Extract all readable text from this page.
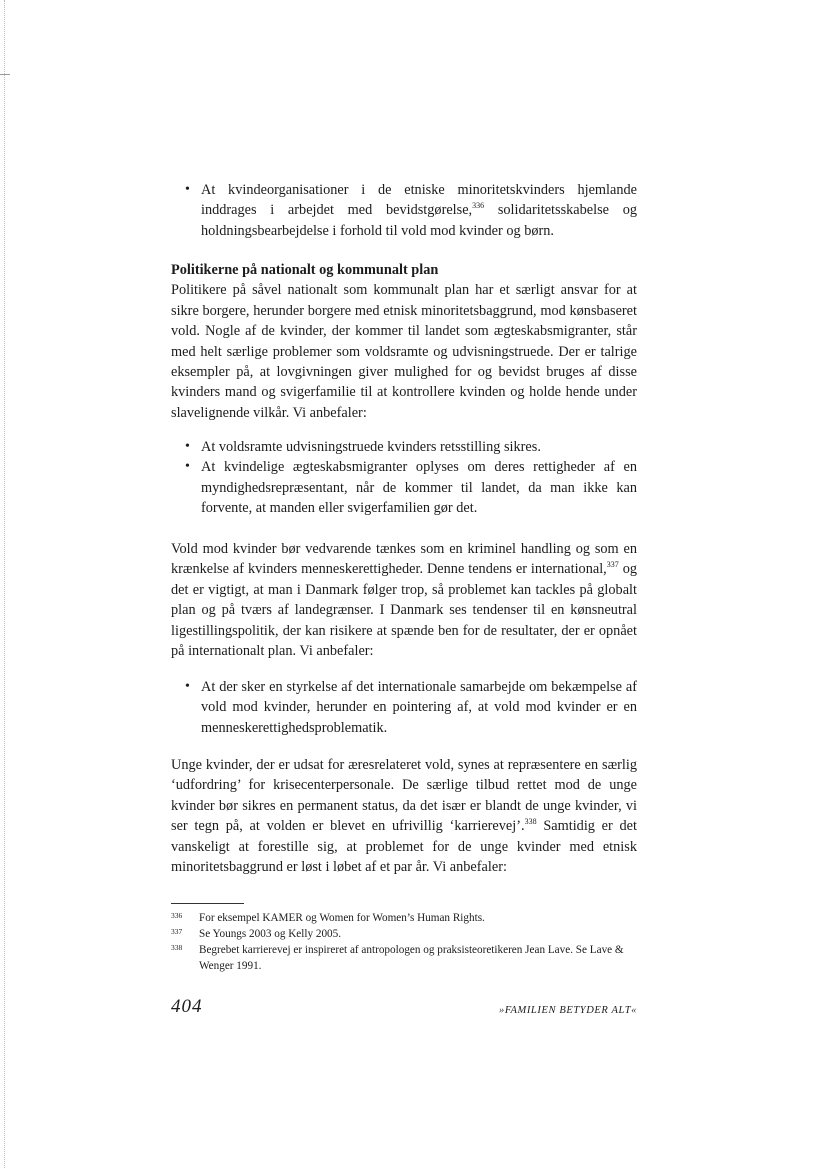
• At kvindeorganisationer i de etniske minoritetskvinders hjemlande inddrages i arbejdet med bevidstgørelse,$^{336}$ solidaritetsskabelse og holdningsbearbejdelse i forhold til vold mod kvinder og børn.
Politikerne på nationalt og kommunalt plan

Politikere på såvel nationalt som kommunalt plan har et særligt ansvar for at sikre borgere, herunder borgere med etnisk minoritetsbaggrund, mod kønsbaseret vold. Nogle af de kvinder, der kommer til landet som ægteskabsmigranter, står med helt særlige problemer som voldsramte og udvisningstruede. Der er talrige eksempler på, at lovgivningen giver mulighed for og bevidst bruges af disse kvinders mand og svigerfamilie til at kontrollere kvinden og holde hende under slavelignende vilkår. Vi anbefaler:

• At voldsramte udvisningstruede kvinders retsstilling sikres.
• At kvindelige ægteskabsmigranter oplyses om deres rettigheder af en myndighedsrepræsentant, når de kommer til landet, da man ikke kan forvente, at manden eller svigerfamilien gør det.

Vold mod kvinder bør vedvarende tænkes som en kriminel handling og som en krænkelse af kvinders menneskerettigheder. Denne tendens er international,$^{337}$ og det er vigtigt, at man i Danmark følger trop, så problemet kan tackles på globalt plan og på tværs af landegrænser. I Danmark ses tendenser til en kønsneutral ligestillingspolitik, der kan risikere at spænde ben for de resultater, der er opnået på internationalt plan. Vi anbefaler:

• At der sker en styrkelse af det internationale samarbejde om bekæmpelse af vold mod kvinder, herunder en pointering af, at vold mod kvinder er en menneskerettighedsproblematik.

Unge kvinder, der er udsat for æresrelateret vold, synes at repræsentere en særlig ‘udfordring’ for krisecenterpersonale. De særlige tilbud rettet mod de unge kvinder bør sikres en permanent status, da det især er blandt de unge kvinder, vi ser tegn på, at volden er blevet en ufrivillig ‘karrierevej’.$^{338}$ Samtidig er det vanskeligt at forestille sig, at problemet for de unge kvinder med etnisk minoritetsbaggrund er løst i løbet af et par år. Vi anbefaler:

336 For eksempel KAMER og Women for Women’s Human Rights.
337 Se Youngs 2003 og Kelly 2005.
338 Begrebet karrierevej er inspireret af antropologen og praksisteoretikeren Jean Lave. Se Lave & Wenger 1991.
404	»FAMILIEN BETYDER ALT«
